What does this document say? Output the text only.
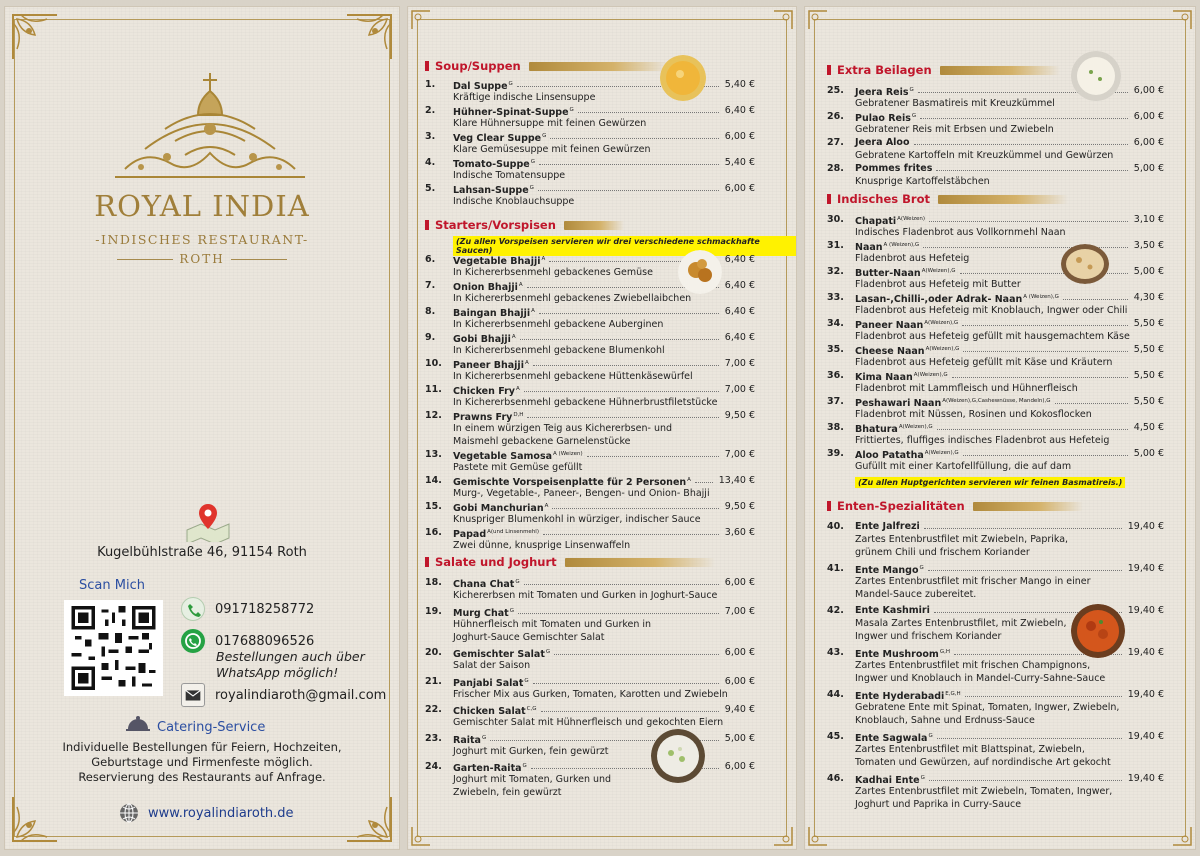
ROYAL INDIA
-INDISCHES RESTAURANT-
ROTH
Kugelbühlstraße 46, 91154 Roth
Scan Mich
091718258772
017688096526
Bestellungen auch über
WhatsApp möglich!
royalindiaroth@gmail.com
Catering-Service
Individuelle Bestellungen für Feiern, Hochzeiten,
Geburtstage und Firmenfeste möglich.
Reservierung des Restaurants auf Anfrage.
www.royalindiaroth.de
Soup/Suppen
1.	Dal Suppe$^G$	5,40 €
Kräftige indische Linsensuppe
2.	Hühner-Spinat-Suppe$^G$	6,40 €
Klare Hühnersuppe mit feinen Gewürzen
3.	Veg Clear Suppe$^G$	6,00 €
Klare Gemüsesuppe mit feinen Gewürzen
4.	Tomato-Suppe$^G$	5,40 €
Indische Tomatensuppe
5.	Lahsan-Suppe$^G$	6,00 €
Indische Knoblauchsuppe
Starters/Vorspisen
(Zu allen Vorspeisen servieren wir drei verschiedene schmackhafte Saucen)
6.	Vegetable Bhajji$^A$	6,40 €
In Kichererbsenmehl gebackenes Gemüse
7.	Onion Bhajji$^A$	6,40 €
In Kichererbsenmehl gebackenes Zwiebellaibchen
8.	Baingan Bhajji$^A$	6,40 €
In Kichererbsenmehl gebackene Auberginen
9.	Gobi Bhajji$^A$	6,40 €
In Kichererbsenmehl gebackene Blumenkohl
10.	Paneer Bhajji$^A$	7,00 €
In Kichererbsenmehl gebackene Hüttenkäsewürfel
11.	Chicken Fry$^A$	7,00 €
In Kichererbsenmehl gebackene Hühnerbrustfiletstücke
12.	Prawns Fry$^{D,H}$	9,50 €
In einem würzigen Teig aus Kichererbsen- und
Maismehl gebackene Garnelenstücke
13.	Vegetable Samosa$^{A (Weizen)}$	7,00 €
Pastete mit Gemüse gefüllt
14.	Gemischte Vorspeisenplatte für 2 Personen$^A$	13,40 €
Murg-, Vegetable-, Paneer-, Bengen- und Onion- Bhajji
15.	Gobi Manchurian$^A$	9,50 €
Knuspriger Blumenkohl in würziger, indischer Sauce
16.	Papad$^{A(und Linsenmehl)}$	3,60 €
Zwei dünne, knusprige Linsenwaffeln
Salate und Joghurt
18.	Chana Chat$^G$	6,00 €
Kichererbsen mit Tomaten und Gurken in Joghurt-Sauce
19.	Murg Chat$^G$	7,00 €
Hühnerfleisch mit Tomaten und Gurken in
Joghurt-Sauce Gemischter Salat
20.	Gemischter Salat$^G$	6,00 €
Salat der Saison
21.	Panjabi Salat$^G$	6,00 €
Frischer Mix aus Gurken, Tomaten, Karotten und Zwiebeln
22.	Chicken Salat$^{C,G}$	9,40 €
Gemischter Salat mit Hühnerfleisch und gekochten Eiern
23.	Raita$^G$	5,00 €
Joghurt mit Gurken, fein gewürzt
24.	Garten-Raita$^G$	6,00 €
Joghurt mit Tomaten, Gurken und
Zwiebeln, fein gewürzt
Extra Beilagen
25.	Jeera Reis$^G$	6,00 €
Gebratener Basmatireis mit Kreuzkümmel
26.	Pulao Reis$^G$	6,00 €
Gebratener Reis mit Erbsen und Zwiebeln
27.	Jeera Aloo	6,00 €
Gebratene Kartoffeln mit Kreuzkümmel und Gewürzen
28.	Pommes frites	5,00 €
Knusprige Kartoffelstäbchen
Indisches Brot
30.	Chapati$^{A(Weizen)}$	3,10 €
Indisches Fladenbrot aus Vollkornmehl Naan
31.	Naan$^{A (Weizen),G}$	3,50 €
Fladenbrot aus Hefeteig
32.	Butter-Naan$^{A(Weizen),G}$	5,00 €
Fladenbrot aus Hefeteig mit Butter
33.	Lasan-,Chilli-,oder Adrak- Naan$^{A (Weizen),G}$	4,30 €
Fladenbrot aus Hefeteig mit Knoblauch, Ingwer oder Chili
34.	Paneer Naan$^{A(Weizen),G}$	5,50 €
Fladenbrot aus Hefeteig gefüllt mit hausgemachtem Käse
35.	Cheese Naan$^{A(Weizen),G}$	5,50 €
Fladenbrot aus Hefeteig gefüllt mit Käse und Kräutern
36.	Kima Naan$^{A(Weizen),G}$	5,50 €
Fladenbrot mit Lammfleisch und Hühnerfleisch
37.	Peshawari Naan$^{A(Weizen),G,Cashewnüsse, Mandeln),G}$	5,50 €
Fladenbrot mit Nüssen, Rosinen und Kokosflocken
38.	Bhatura$^{A(Weizen),G}$	4,50 €
Frittiertes, fluffiges indisches Fladenbrot aus Hefeteig
39.	Aloo Patatha$^{A(Weizen),G}$	5,00 €
Gufüllt mit einer Kartofellfüllung, die auf dam
(Zu allen Huptgerichten servieren wir feinen Basmatireis.)
Enten-Spezialitäten
40.	Ente Jalfrezi	19,40 €
Zartes Entenbrustfilet mit Zwiebeln, Paprika,
grünem Chili und frischem Koriander
41.	Ente Mango$^G$	19,40 €
Zartes Entenbrustfilet mit frischer Mango in einer
Mandel-Sauce zubereitet.
42.	Ente Kashmiri	19,40 €
Masala Zartes Entenbrustfilet, mit Zwiebeln,
Ingwer und frischem Koriander
43.	Ente Mushroom$^{G,H}$	19,40 €
Zartes Entenbrustfilet mit frischen Champignons,
Ingwer und Knoblauch in Mandel-Curry-Sahne-Sauce
44.	Ente Hyderabadi$^{E,G,H}$	19,40 €
Gebratene Ente mit Spinat, Tomaten, Ingwer, Zwiebeln,
Knoblauch, Sahne und Erdnuss-Sauce
45.	Ente Sagwala$^G$	19,40 €
Zartes Entenbrustfilet mit Blattspinat, Zwiebeln,
Tomaten und Gewürzen, auf nordindische Art gekocht
46.	Kadhai Ente$^G$	19,40 €
Zartes Entenbrustfilet mit Zwiebeln, Tomaten, Ingwer,
Joghurt und Paprika in Curry-Sauce
